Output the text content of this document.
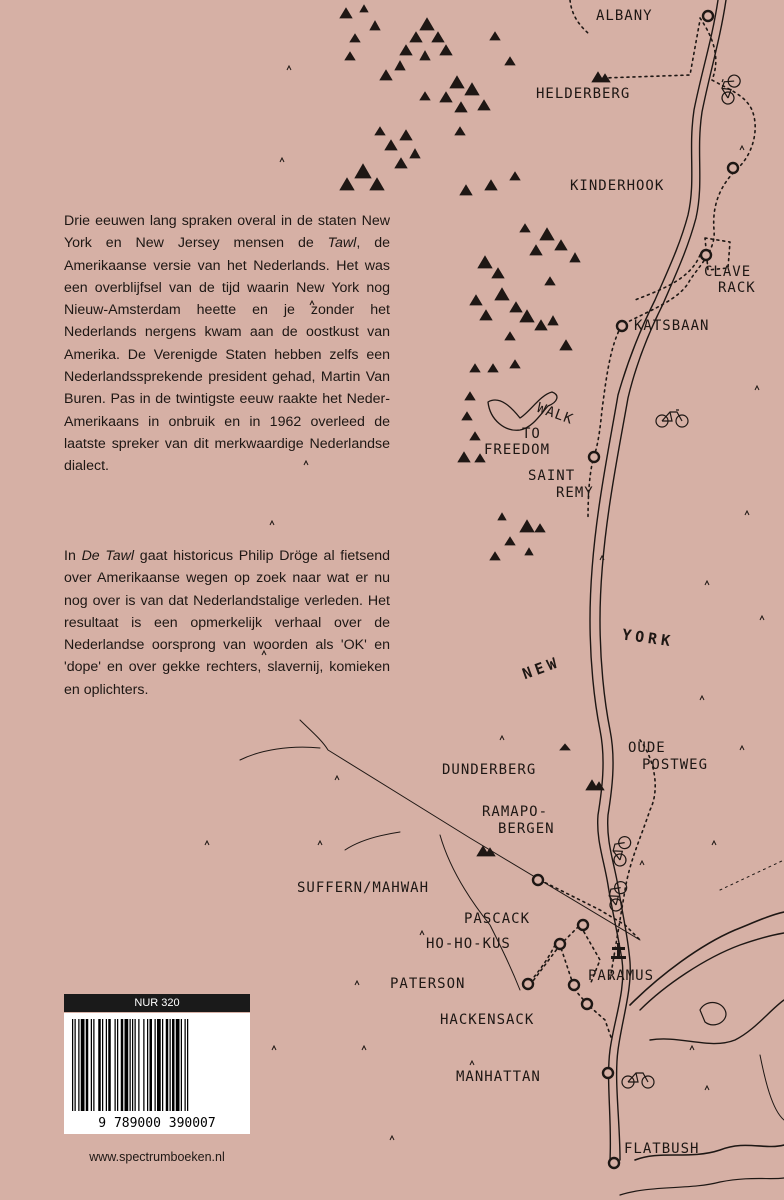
ALBANY
HELDERBERG
KINDERHOOK
CLAVE
RACK
KATSBAAN
WALK
TO
FREEDOM
SAINT
REMY
NEW
YORK
OUDE
POSTWEG
DUNDERBERG
RAMAPO-
BERGEN
SUFFERN/MAHWAH
PASCACK
HO-HO-KUS
PARAMUS
PATERSON
HACKENSACK
MANHATTAN
FLATBUSH

Drie eeuwen lang spraken overal in de staten New York en New Jersey mensen de Tawl, de Amerikaanse versie van het Nederlands. Het was een overblijfsel van de tijd waarin New York nog Nieuw-Amsterdam heette en je zonder het Nederlands nergens kwam aan de oostkust van Amerika. De Verenigde Staten hebben zelfs een Nederlandssprekende president gehad, Martin Van Buren. Pas in de twintigste eeuw raakte het Neder-Amerikaans in onbruik en in 1962 overleed de laatste spreker van dit merkwaardige Nederlandse dialect.

In De Tawl gaat historicus Philip Dröge al fietsend over Amerikaanse wegen op zoek naar wat er nu nog over is van dat Nederlandstalige verleden. Het resultaat is een opmerkelijk verhaal over de Nederlandse oorsprong van woorden als 'OK' en 'dope' en over gekke rechters, slavernij, komieken en oplichters.

NUR 320
9 789000 390007
www.spectrumboeken.nl
